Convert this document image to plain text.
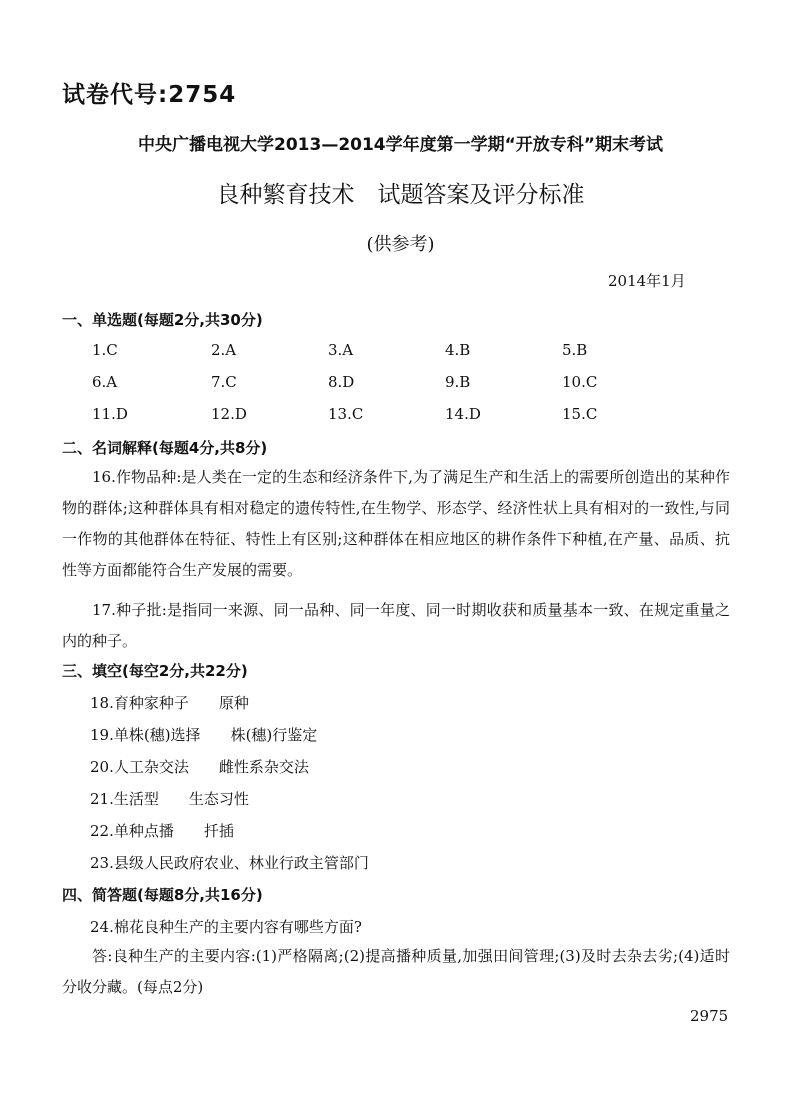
试卷代号:2754
中央广播电视大学2013—2014学年度第一学期“开放专科”期末考试
良种繁育技术　试题答案及评分标准
(供参考)
2014年1月
一、单选题(每题2分,共30分)
1.C	2.A	3.A	4.B	5.B
6.A	7.C	8.D	9.B	10.C
11.D	12.D	13.C	14.D	15.C
二、名词解释(每题4分,共8分)
16.作物品种:是人类在一定的生态和经济条件下,为了满足生产和生活上的需要所创造出的某种作物的群体;这种群体具有相对稳定的遗传特性,在生物学、形态学、经济性状上具有相对的一致性,与同一作物的其他群体在特征、特性上有区别;这种群体在相应地区的耕作条件下种植,在产量、品质、抗性等方面都能符合生产发展的需要。
17.种子批:是指同一来源、同一品种、同一年度、同一时期收获和质量基本一致、在规定重量之内的种子。
三、填空(每空2分,共22分)
18.育种家种子 原种
19.单株(穗)选择 株(穗)行鉴定
20.人工杂交法 雌性系杂交法
21.生活型 生态习性
22.单种点播 扦插
23.县级人民政府农业、林业行政主管部门
四、简答题(每题8分,共16分)
24.棉花良种生产的主要内容有哪些方面?
答:良种生产的主要内容:(1)严格隔离;(2)提高播种质量,加强田间管理;(3)及时去杂去劣;(4)适时分收分藏。(每点2分)
2975
